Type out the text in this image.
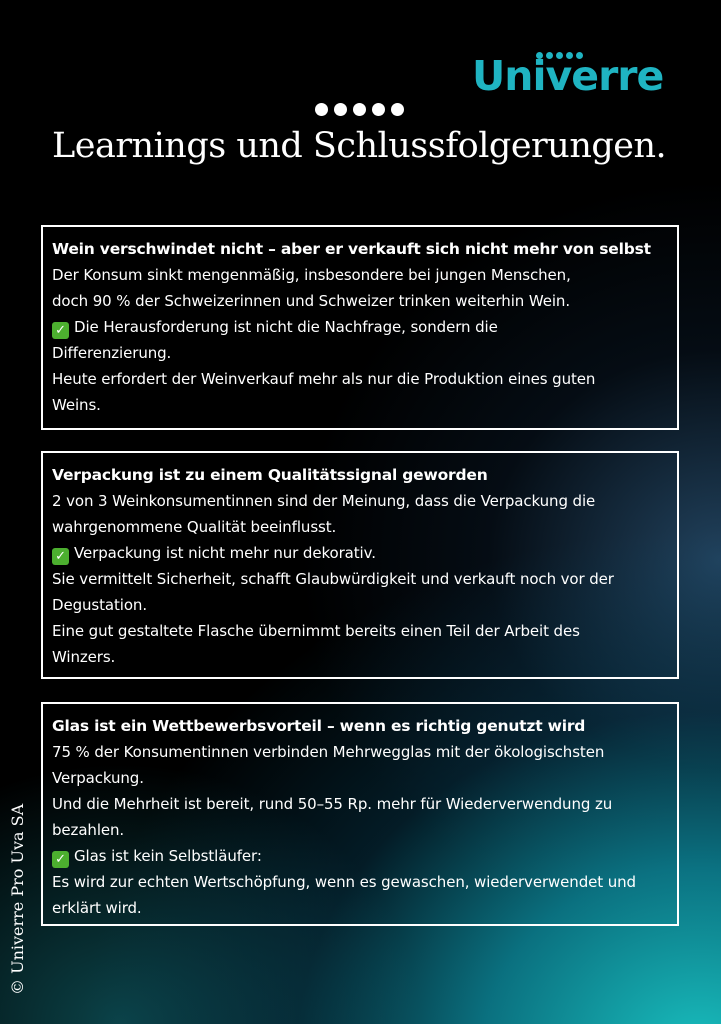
Univerre
Learnings und Schlussfolgerungen.
Wein verschwindet nicht – aber er verkauft sich nicht mehr von selbst
Der Konsum sinkt mengenmäßig, insbesondere bei jungen Menschen,
doch 90 % der Schweizerinnen und Schweizer trinken weiterhin Wein.
✓ Die Herausforderung ist nicht die Nachfrage, sondern die
Differenzierung.
Heute erfordert der Weinverkauf mehr als nur die Produktion eines guten
Weins.
Verpackung ist zu einem Qualitätssignal geworden
2 von 3 Weinkonsumentinnen sind der Meinung, dass die Verpackung die
wahrgenommene Qualität beeinflusst.
✓ Verpackung ist nicht mehr nur dekorativ.
Sie vermittelt Sicherheit, schafft Glaubwürdigkeit und verkauft noch vor der
Degustation.
Eine gut gestaltete Flasche übernimmt bereits einen Teil der Arbeit des
Winzers.
Glas ist ein Wettbewerbsvorteil – wenn es richtig genutzt wird
75 % der Konsumentinnen verbinden Mehrwegglas mit der ökologischsten
Verpackung.
Und die Mehrheit ist bereit, rund 50–55 Rp. mehr für Wiederverwendung zu
bezahlen.
✓ Glas ist kein Selbstläufer:
Es wird zur echten Wertschöpfung, wenn es gewaschen, wiederverwendet und
erklärt wird.
© Univerre Pro Uva SA
